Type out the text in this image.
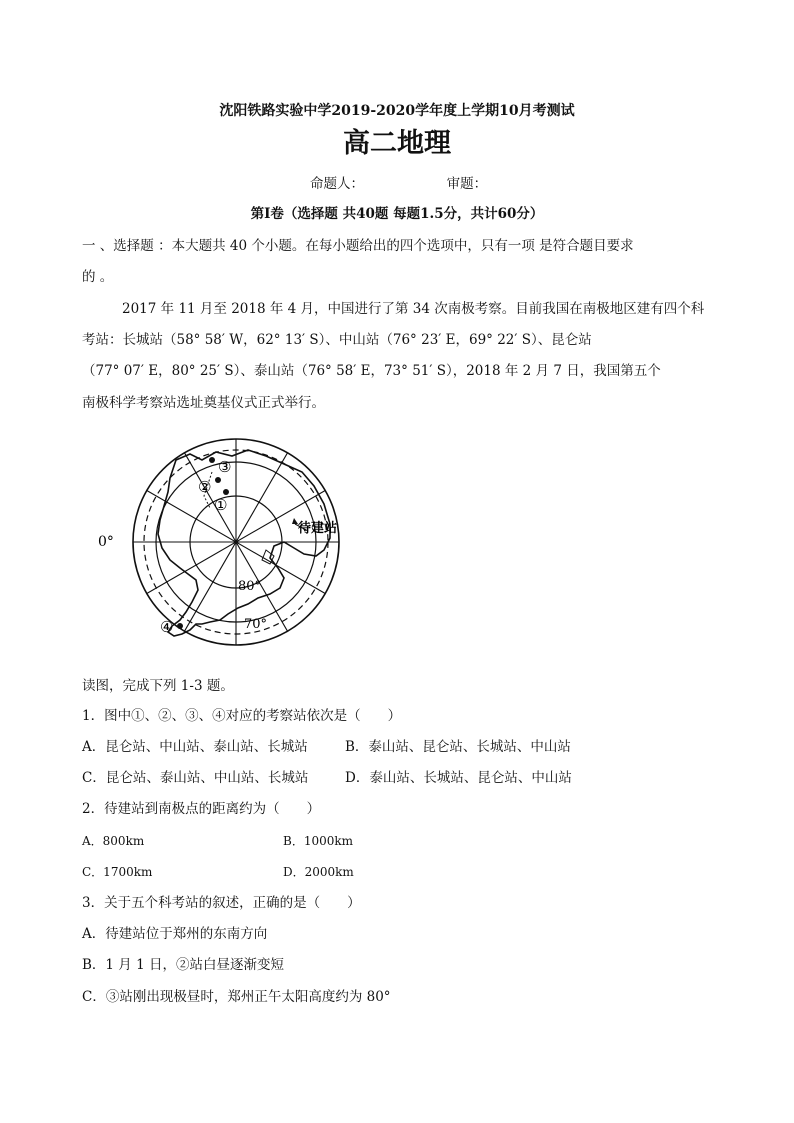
沈阳铁路实验中学2019-2020学年度上学期10月考测试
高二地理
命题人：	审题：
第Ⅰ卷（选择题 共40题 每题1.5分，共计60分）
一 、选择题 ：本大题共 40 个小题。在每小题给出的四个选项中，只有一项 是符合题目要求
的 。
2017 年 11 月至 2018 年 4 月，中国进行了第 34 次南极考察。目前我国在南极地区建有四个科
考站：长城站（58° 58′ W，62° 13′ S）、中山站（76° 23′ E，69° 22′ S）、昆仑站
（77° 07′ E，80° 25′ S）、泰山站（76° 58′ E，73° 51′ S），2018 年 2 月 7 日，我国第五个
南极科学考察站选址奠基仪式正式举行。
0°
80°
70°
待建站
③
②
①
④
读图，完成下列 1-3 题。
1．图中①、②、③、④对应的考察站依次是（　　）
A．昆仑站、中山站、泰山站、长城站	B．泰山站、昆仑站、长城站、中山站
C．昆仑站、泰山站、中山站、长城站	D．泰山站、长城站、昆仑站、中山站
2．待建站到南极点的距离约为（　　）
A．800km	B．1000km
C．1700km	D．2000km
3．关于五个科考站的叙述，正确的是（　　）
A．待建站位于郑州的东南方向
B．1 月 1 日，②站白昼逐渐变短
C．③站刚出现极昼时，郑州正午太阳高度约为 80°
